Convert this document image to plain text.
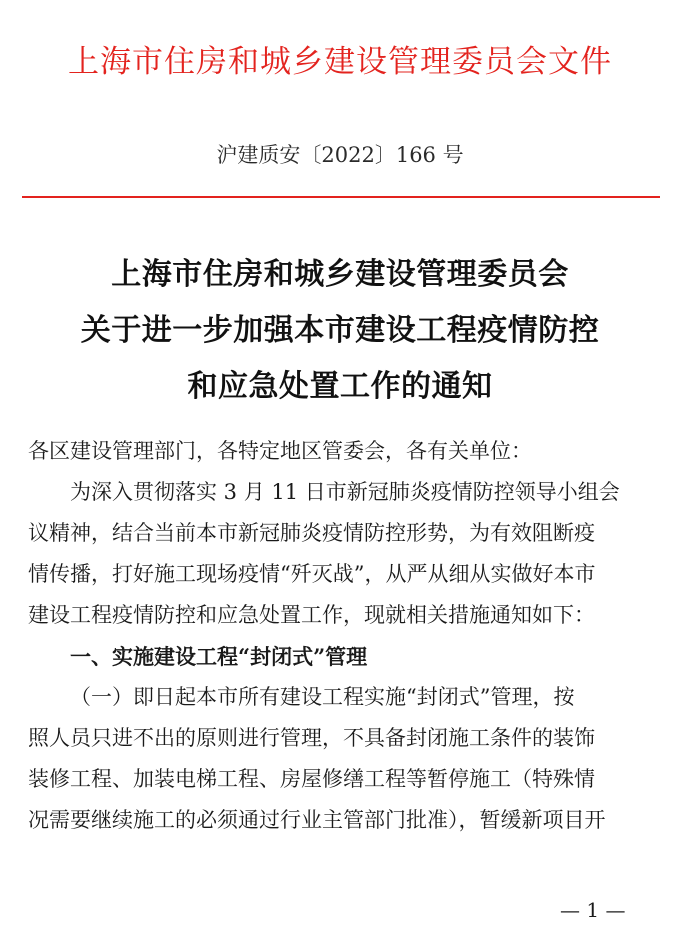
上海市住房和城乡建设管理委员会文件
沪建质安〔2022〕166 号
上海市住房和城乡建设管理委员会
关于进一步加强本市建设工程疫情防控
和应急处置工作的通知
各区建设管理部门，各特定地区管委会，各有关单位：
为深入贯彻落实 3 月 11 日市新冠肺炎疫情防控领导小组会
议精神，结合当前本市新冠肺炎疫情防控形势，为有效阻断疫
情传播，打好施工现场疫情“歼灭战”，从严从细从实做好本市
建设工程疫情防控和应急处置工作，现就相关措施通知如下：
一、实施建设工程“封闭式”管理
（一）即日起本市所有建设工程实施“封闭式”管理，按
照人员只进不出的原则进行管理，不具备封闭施工条件的装饰
装修工程、加装电梯工程、房屋修缮工程等暂停施工（特殊情
况需要继续施工的必须通过行业主管部门批准），暂缓新项目开
— 1 —
